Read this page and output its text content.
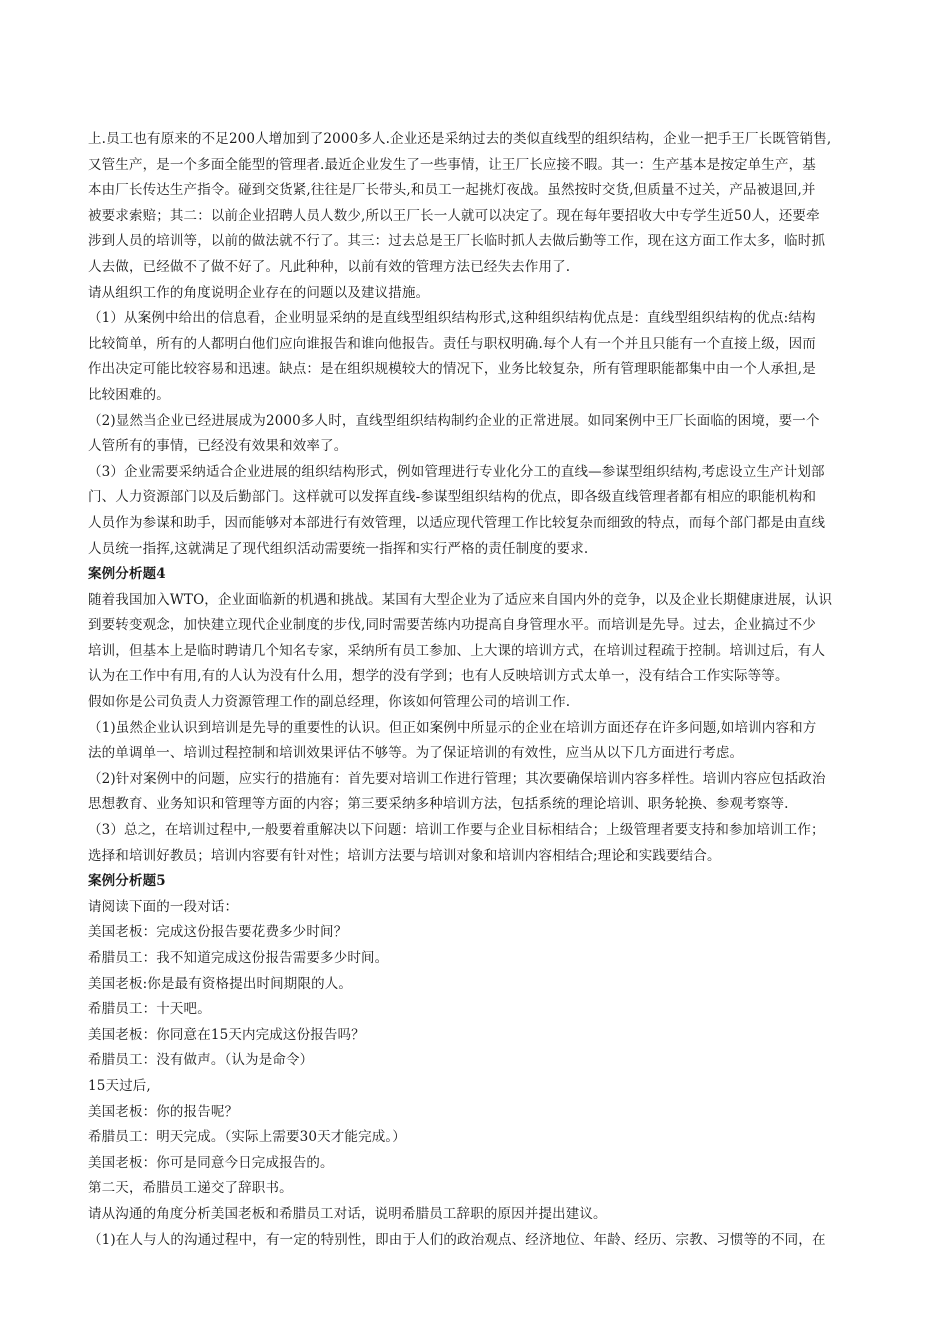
上.员工也有原来的不足200人增加到了2000多人.企业还是采纳过去的类似直线型的组织结构，企业一把手王厂长既管销售,
又管生产，是一个多面全能型的管理者.最近企业发生了一些事情，让王厂长应接不暇。其一：生产基本是按定单生产，基
本由厂长传达生产指令。碰到交货紧,往往是厂长带头,和员工一起挑灯夜战。虽然按时交货,但质量不过关，产品被退回,并
被要求索赔；其二：以前企业招聘人员人数少,所以王厂长一人就可以决定了。现在每年要招收大中专学生近50人，还要牵
涉到人员的培训等，以前的做法就不行了。其三：过去总是王厂长临时抓人去做后勤等工作，现在这方面工作太多，临时抓
人去做，已经做不了做不好了。凡此种种，以前有效的管理方法已经失去作用了.
请从组织工作的角度说明企业存在的问题以及建议措施。
（1）从案例中给出的信息看，企业明显采纳的是直线型组织结构形式,这种组织结构优点是：直线型组织结构的优点:结构
比较简单，所有的人都明白他们应向谁报告和谁向他报告。责任与职权明确.每个人有一个并且只能有一个直接上级，因而
作出决定可能比较容易和迅速。缺点：是在组织规模较大的情况下，业务比较复杂，所有管理职能都集中由一个人承担,是
比较困难的。
（2)显然当企业已经进展成为2000多人时，直线型组织结构制约企业的正常进展。如同案例中王厂长面临的困境，要一个
人管所有的事情，已经没有效果和效率了。
（3）企业需要采纳适合企业进展的组织结构形式，例如管理进行专业化分工的直线—参谋型组织结构,考虑设立生产计划部
门、人力资源部门以及后勤部门。这样就可以发挥直线-参谋型组织结构的优点，即各级直线管理者都有相应的职能机构和
人员作为参谋和助手，因而能够对本部进行有效管理，以适应现代管理工作比较复杂而细致的特点，而每个部门都是由直线
人员统一指挥,这就满足了现代组织活动需要统一指挥和实行严格的责任制度的要求.
案例分析题4
随着我国加入WTO，企业面临新的机遇和挑战。某国有大型企业为了适应来自国内外的竞争，以及企业长期健康进展，认识
到要转变观念，加快建立现代企业制度的步伐,同时需要苦练内功提高自身管理水平。而培训是先导。过去，企业搞过不少
培训，但基本上是临时聘请几个知名专家，采纳所有员工参加、上大课的培训方式，在培训过程疏于控制。培训过后，有人
认为在工作中有用,有的人认为没有什么用，想学的没有学到；也有人反映培训方式太单一，没有结合工作实际等等。
假如你是公司负责人力资源管理工作的副总经理，你该如何管理公司的培训工作.
（1)虽然企业认识到培训是先导的重要性的认识。但正如案例中所显示的企业在培训方面还存在许多问题,如培训内容和方
法的单调单一、培训过程控制和培训效果评估不够等。为了保证培训的有效性，应当从以下几方面进行考虑。
（2)针对案例中的问题，应实行的措施有：首先要对培训工作进行管理；其次要确保培训内容多样性。培训内容应包括政治
思想教育、业务知识和管理等方面的内容；第三要采纳多种培训方法，包括系统的理论培训、职务轮换、参观考察等.
（3）总之，在培训过程中,一般要着重解决以下问题：培训工作要与企业目标相结合；上级管理者要支持和参加培训工作；
选择和培训好教员；培训内容要有针对性；培训方法要与培训对象和培训内容相结合;理论和实践要结合。
案例分析题5
请阅读下面的一段对话：
美国老板：完成这份报告要花费多少时间？
希腊员工：我不知道完成这份报告需要多少时间。
美国老板:你是最有资格提出时间期限的人。
希腊员工：十天吧。
美国老板：你同意在15天内完成这份报告吗？
希腊员工：没有做声。（认为是命令）
15天过后,
美国老板：你的报告呢？
希腊员工：明天完成。（实际上需要30天才能完成。）
美国老板：你可是同意今日完成报告的。
第二天，希腊员工递交了辞职书。
请从沟通的角度分析美国老板和希腊员工对话，说明希腊员工辞职的原因并提出建议。
（1)在人与人的沟通过程中，有一定的特别性，即由于人们的政治观点、经济地位、年龄、经历、宗教、习惯等的不同，在
